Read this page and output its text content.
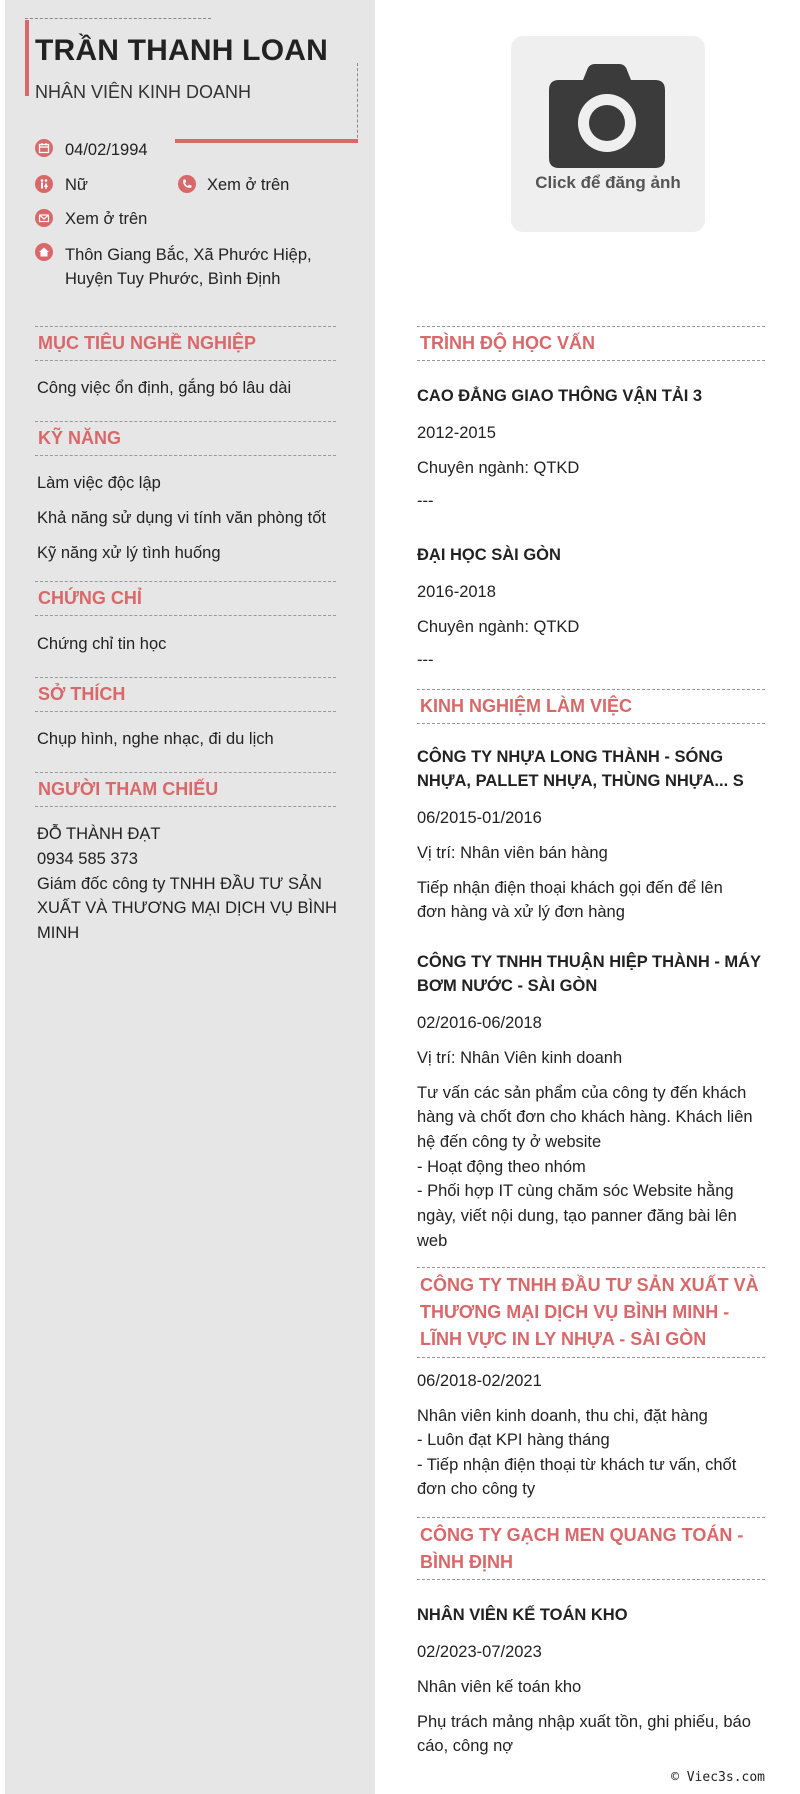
TRẦN THANH LOAN
NHÂN VIÊN KINH DOANH
04/02/1994
Nữ	Xem ở trên
Xem ở trên
Thôn Giang Bắc, Xã Phước Hiệp,
Huyện Tuy Phước, Bình Định
Click để đăng ảnh
MỤC TIÊU NGHỀ NGHIỆP
Công việc ổn định, gắng bó lâu dài
KỸ NĂNG
Làm việc độc lập
Khả năng sử dụng vi tính văn phòng tốt
Kỹ năng xử lý tình huống
CHỨNG CHỈ
Chứng chỉ tin học
SỞ THÍCH
Chụp hình, nghe nhạc, đi du lịch
NGƯỜI THAM CHIẾU
ĐỖ THÀNH ĐẠT
0934 585 373
Giám đốc công ty TNHH ĐẦU TƯ SẢN
XUẤT VÀ THƯƠNG MẠI DỊCH VỤ BÌNH
MINH
TRÌNH ĐỘ HỌC VẤN
CAO ĐẲNG GIAO THÔNG VẬN TẢI 3
2012-2015
Chuyên ngành: QTKD
---
ĐẠI HỌC SÀI GÒN
2016-2018
Chuyên ngành: QTKD
---
KINH NGHIỆM LÀM VIỆC
CÔNG TY NHỰA LONG THÀNH - SÓNG
NHỰA, PALLET NHỰA, THÙNG NHỰA... S
06/2015-01/2016
Vị trí: Nhân viên bán hàng
Tiếp nhận điện thoại khách gọi đến để lên
đơn hàng và xử lý đơn hàng
CÔNG TY TNHH THUẬN HIỆP THÀNH - MÁY
BƠM NƯỚC - SÀI GÒN
02/2016-06/2018
Vị trí: Nhân Viên kinh doanh
Tư vấn các sản phẩm của công ty đến khách
hàng và chốt đơn cho khách hàng. Khách liên
hệ đến công ty ở website
- Hoạt động theo nhóm
- Phối hợp IT cùng chăm sóc Website hằng
ngày, viết nội dung, tạo panner đăng bài lên
web
CÔNG TY TNHH ĐẦU TƯ SẢN XUẤT VÀ
THƯƠNG MẠI DỊCH VỤ BÌNH MINH -
LĨNH VỰC IN LY NHỰA - SÀI GÒN
06/2018-02/2021
Nhân viên kinh doanh, thu chi, đặt hàng
- Luôn đạt KPI hàng tháng
- Tiếp nhận điện thoại từ khách tư vấn, chốt
đơn cho công ty
CÔNG TY GẠCH MEN QUANG TOÁN -
BÌNH ĐỊNH
NHÂN VIÊN KẾ TOÁN KHO
02/2023-07/2023
Nhân viên kế toán kho
Phụ trách mảng nhập xuất tồn, ghi phiếu, báo
cáo, công nợ
© Viec3s.com
